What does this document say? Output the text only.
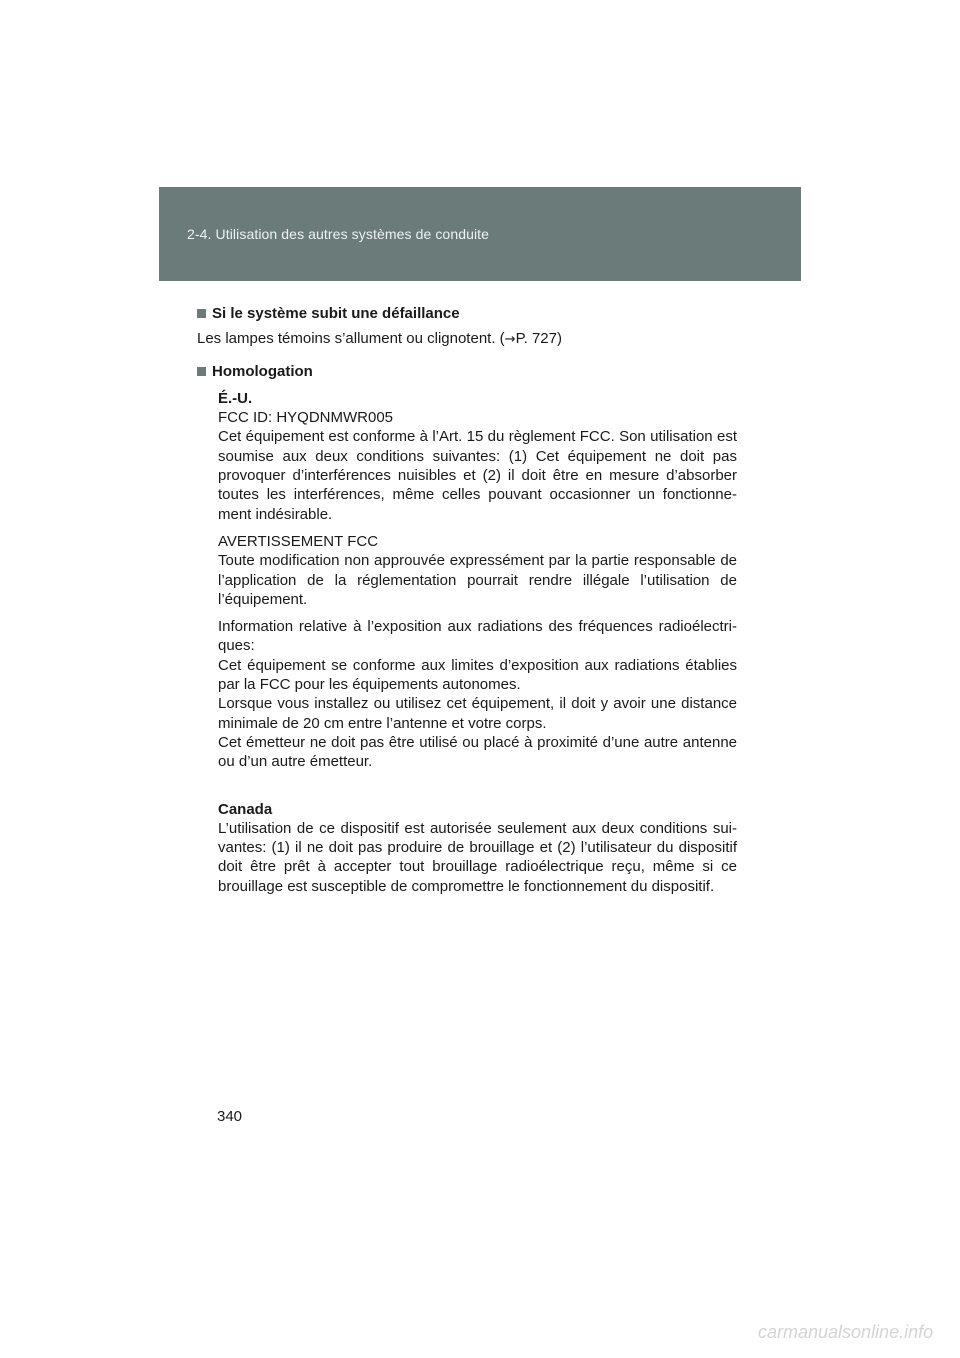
2-4. Utilisation des autres systèmes de conduite
Si le système subit une défaillance

Les lampes témoins s’allument ou clignotent. (→P. 727)

Homologation

É.-U.

FCC ID: HYQDNMWR005

Cet équipement est conforme à l’Art. 15 du règlement FCC. Son utilisation est soumise aux deux conditions suivantes: (1) Cet équipement ne doit pas provoquer d’interférences nuisibles et (2) il doit être en mesure d’absorber toutes les interférences, même celles pouvant occasionner un fonctionne-ment indésirable.

AVERTISSEMENT FCC

Toute modification non approuvée expressément par la partie responsable de l’application de la réglementation pourrait rendre illégale l’utilisation de l’équipement.

Information relative à l’exposition aux radiations des fréquences radioélectri-ques:

Cet équipement se conforme aux limites d’exposition aux radiations établies par la FCC pour les équipements autonomes.

Lorsque vous installez ou utilisez cet équipement, il doit y avoir une distance minimale de 20 cm entre l’antenne et votre corps.

Cet émetteur ne doit pas être utilisé ou placé à proximité d’une autre antenne ou d’un autre émetteur.

Canada

L’utilisation de ce dispositif est autorisée seulement aux deux conditions sui-vantes: (1) il ne doit pas produire de brouillage et (2) l’utilisateur du dispositif doit être prêt à accepter tout brouillage radioélectrique reçu, même si ce brouillage est susceptible de compromettre le fonctionnement du dispositif.

340
carmanualsonline.info
